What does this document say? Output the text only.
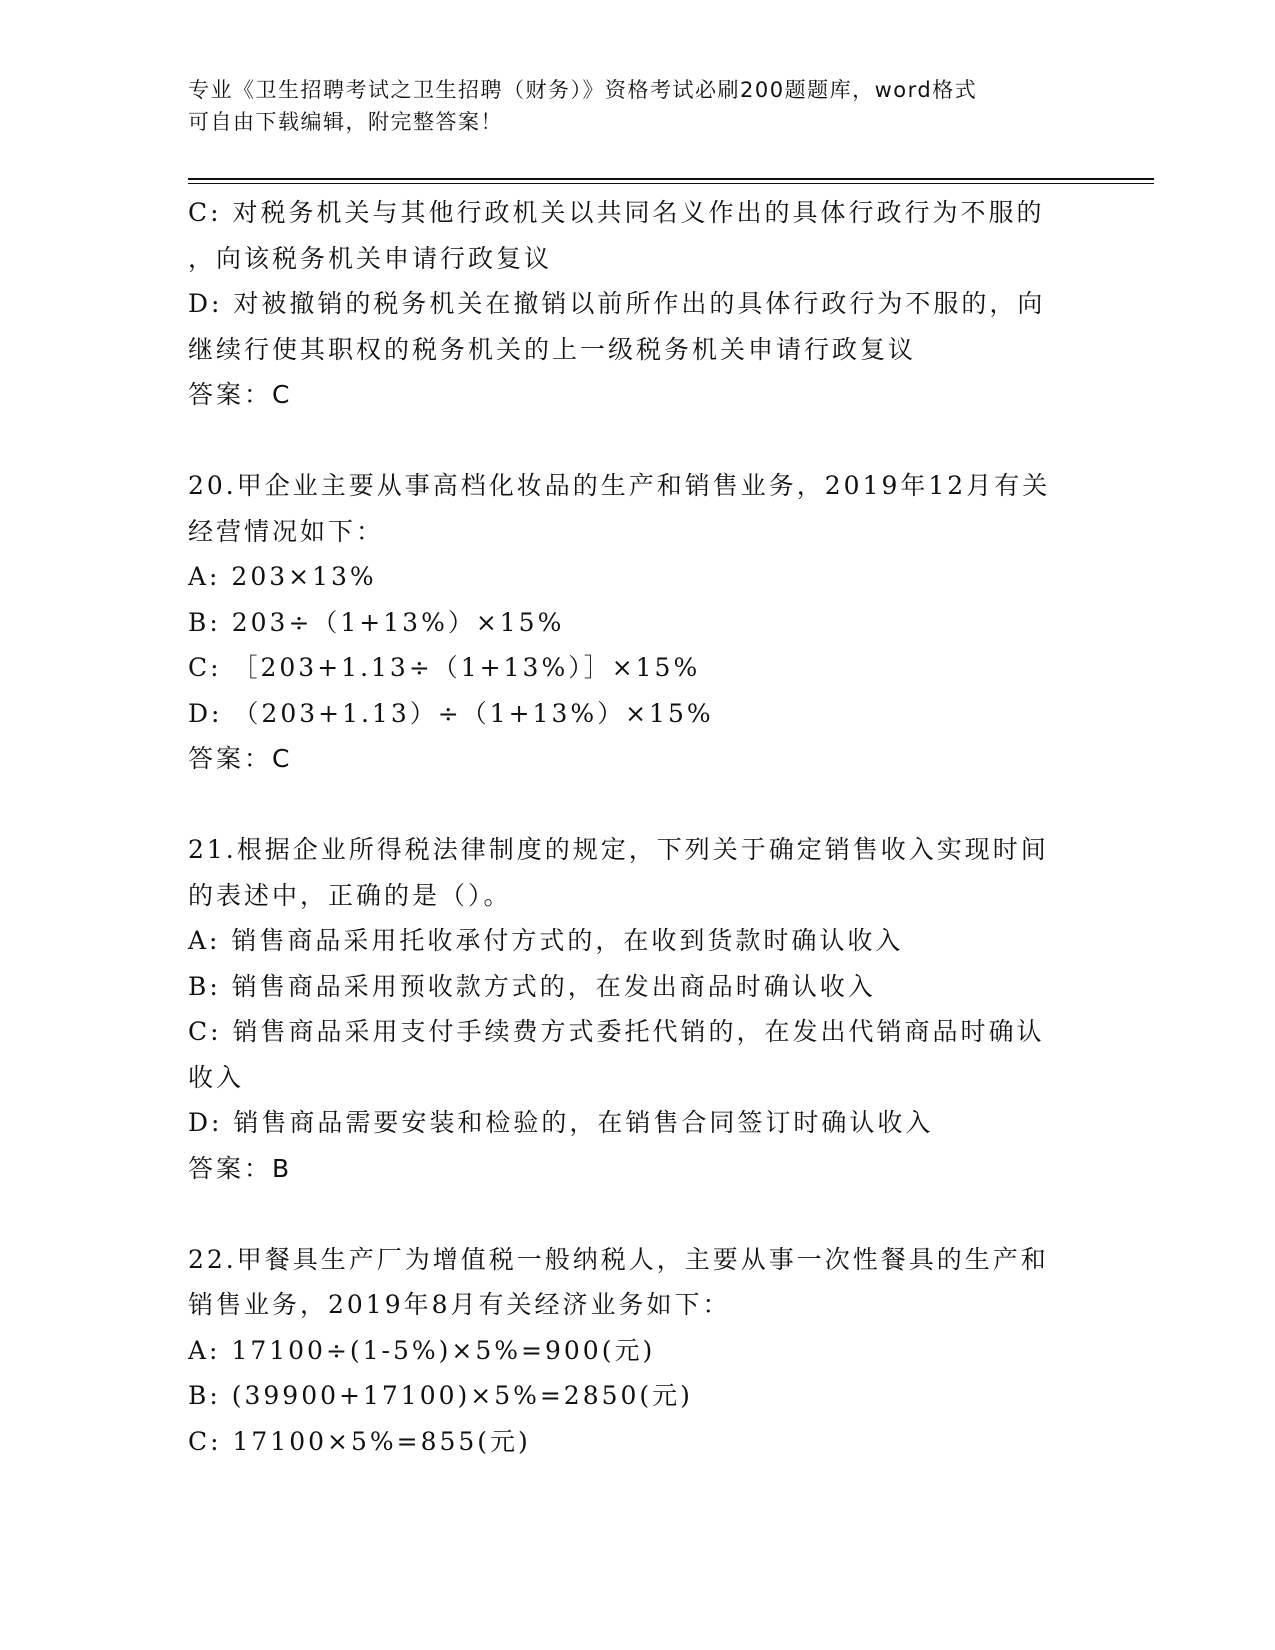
专业《卫生招聘考试之卫生招聘（财务）》资格考试必刷200题题库，word格式
可自由下载编辑，附完整答案！
C: 对税务机关与其他行政机关以共同名义作出的具体行政行为不服的
，向该税务机关申请行政复议
D: 对被撤销的税务机关在撤销以前所作出的具体行政行为不服的，向
继续行使其职权的税务机关的上一级税务机关申请行政复议
答案：C
20.甲企业主要从事高档化妆品的生产和销售业务，2019年12月有关
经营情况如下：
A: 203×13%
B: 203÷（1+13%）×15%
C: ［203+1.13÷（1+13%）］×15%
D: （203+1.13）÷（1+13%）×15%
答案：C
21.根据企业所得税法律制度的规定，下列关于确定销售收入实现时间
的表述中，正确的是（）。
A: 销售商品采用托收承付方式的，在收到货款时确认收入
B: 销售商品采用预收款方式的，在发出商品时确认收入
C: 销售商品采用支付手续费方式委托代销的，在发出代销商品时确认
收入
D: 销售商品需要安装和检验的，在销售合同签订时确认收入
答案：B
22.甲餐具生产厂为增值税一般纳税人，主要从事一次性餐具的生产和
销售业务，2019年8月有关经济业务如下：
A: 17100÷(1-5%)×5%=900(元)
B: (39900+17100)×5%=2850(元)
C: 17100×5%=855(元)
